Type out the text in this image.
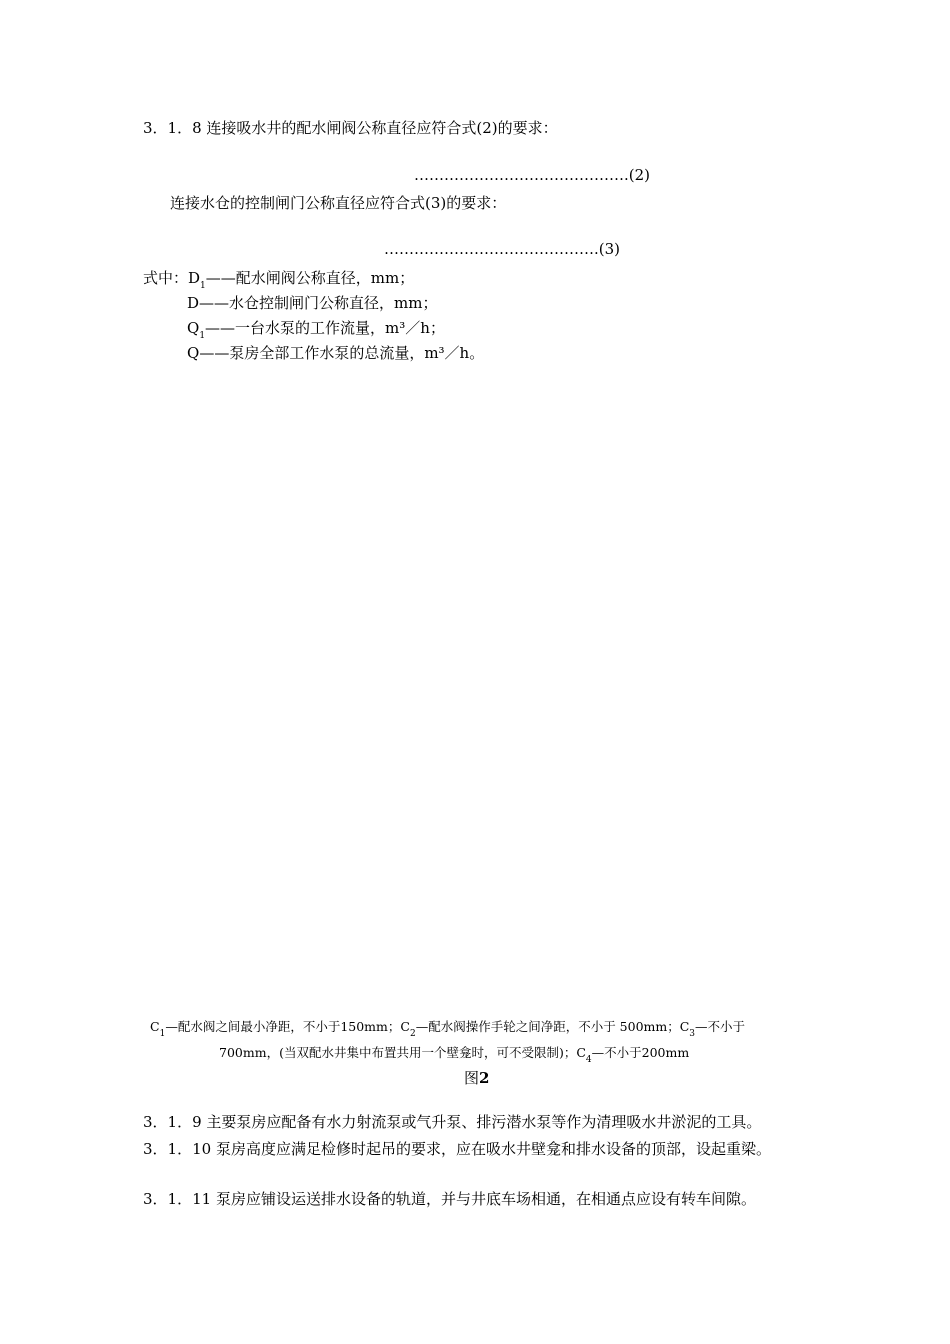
3．1．8 连接吸水井的配水闸阀公称直径应符合式(2)的要求：
…………………………………….(2)
连接水仓的控制闸门公称直径应符合式(3)的要求：
…………………………………….(3)
式中：$D_1——$配水闸阀公称直径，mm；
D——水仓控制闸门公称直径，mm；
$Q_1——$一台水泵的工作流量，m³／h；
Q——泵房全部工作水泵的总流量，m³／h。
$C_1—$配水阀之间最小净距，不小于150mm；$C_2—$配水阀操作手轮之间净距，不小于 500mm；$C_3—$不小于
700mm，(当双配水井集中布置共用一个壁龛时，可不受限制)；$C_4—$不小于200mm
图2
3．1．9 主要泵房应配备有水力射流泵或气升泵、排污潜水泵等作为清理吸水井淤泥的工具。
3．1．10 泵房高度应满足检修时起吊的要求，应在吸水井壁龛和排水设备的顶部，设起重梁。
3．1．11 泵房应铺设运送排水设备的轨道，并与井底车场相通，在相通点应设有转车间隙。
